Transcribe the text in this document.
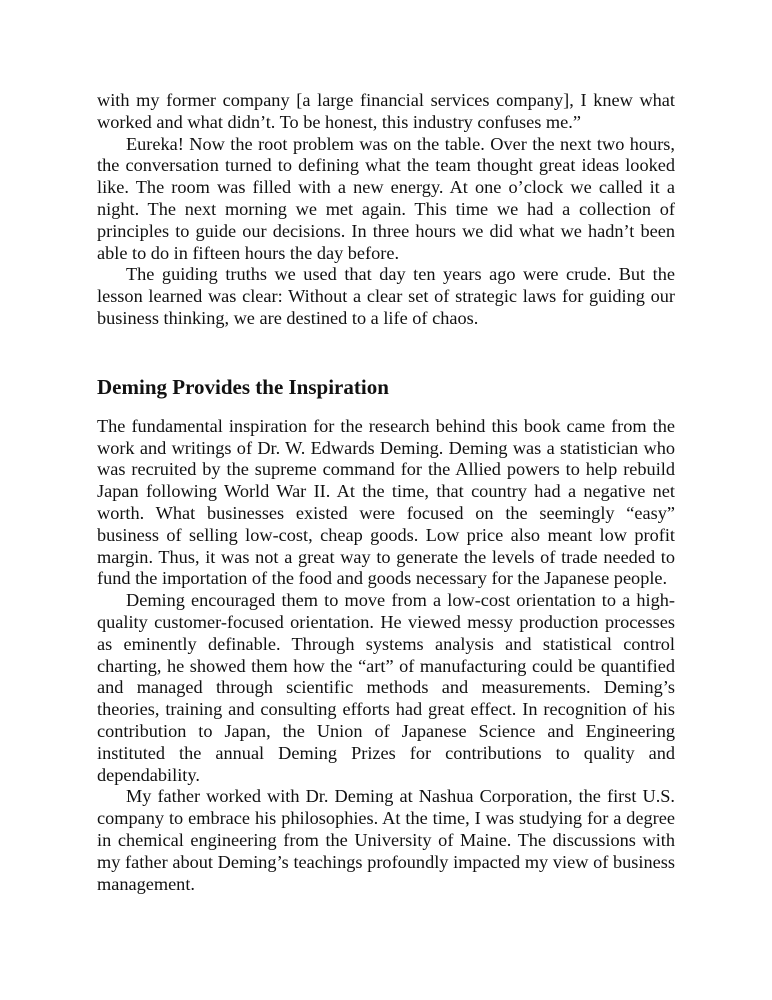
with my former company [a large financial services company], I knew what worked and what didn’t. To be honest, this industry confuses me.”

Eureka! Now the root problem was on the table. Over the next two hours, the conversation turned to defining what the team thought great ideas looked like. The room was filled with a new energy. At one o’clock we called it a night. The next morning we met again. This time we had a collection of principles to guide our decisions. In three hours we did what we hadn’t been able to do in fifteen hours the day before.

The guiding truths we used that day ten years ago were crude. But the lesson learned was clear: Without a clear set of strategic laws for guiding our business thinking, we are destined to a life of chaos.

Deming Provides the Inspiration

The fundamental inspiration for the research behind this book came from the work and writings of Dr. W. Edwards Deming. Deming was a statistician who was recruited by the supreme command for the Allied powers to help rebuild Japan following World War II. At the time, that country had a negative net worth. What businesses existed were focused on the seemingly “easy” business of selling low-cost, cheap goods. Low price also meant low profit margin. Thus, it was not a great way to generate the levels of trade needed to fund the importation of the food and goods necessary for the Japanese people.

Deming encouraged them to move from a low-cost orientation to a high-quality customer-focused orientation. He viewed messy production processes as eminently definable. Through systems analysis and statistical control charting, he showed them how the “art” of manufacturing could be quantified and managed through scientific methods and measurements. Deming’s theories, training and consulting efforts had great effect. In recognition of his contribution to Japan, the Union of Japanese Science and Engineering instituted the annual Deming Prizes for contributions to quality and dependability.

My father worked with Dr. Deming at Nashua Corporation, the first U.S. company to embrace his philosophies. At the time, I was studying for a degree in chemical engineering from the University of Maine. The discussions with my father about Deming’s teachings profoundly impacted my view of business management.
